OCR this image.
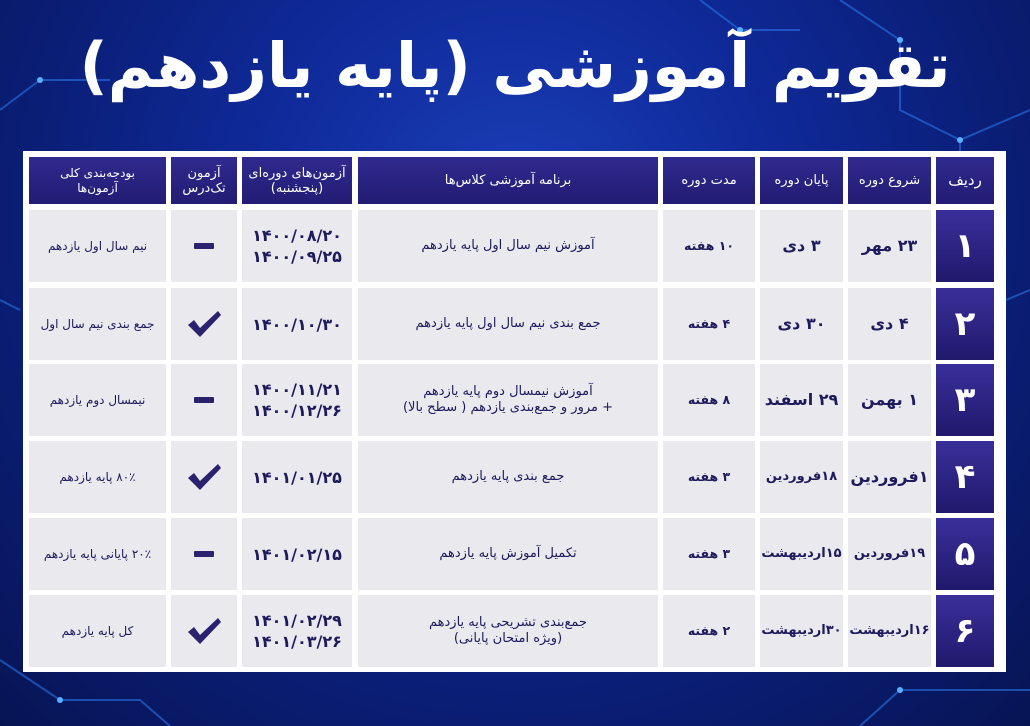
تقویم آموزشی (پایه یازدهم)
ردیف
شروع دوره
پایان دوره
مدت دوره
برنامه آموزشی کلاس‌ها
آزمون‌های دوره‌ای
(پنجشنبه)
آزمون
تک‌درس
بودجه‌بندی کلی
آزمون‌ها
۱
۲۳ مهر
۳ دی
۱۰ هفته
آموزش نیم سال اول پایه یازدهم
۱۴۰۰/۰۸/۲۰
۱۴۰۰/۰۹/۲۵
نیم سال اول یازدهم
۲
۴ دی
۳۰ دی
۴ هفته
جمع بندی نیم سال اول پایه یازدهم
۱۴۰۰/۱۰/۳۰
جمع بندی نیم سال اول
۳
۱ بهمن
۲۹ اسفند
۸ هفته
آموزش نیمسال دوم پایه یازدهم
+ مرور و جمع‌بندی یازدهم ( سطح بالا)
۱۴۰۰/۱۱/۲۱
۱۴۰۰/۱۲/۲۶
نیمسال دوم یازدهم
۴
۱فروردین
۱۸فروردین
۳ هفته
جمع بندی پایه یازدهم
۱۴۰۱/۰۱/۲۵
۸۰٪ پایه یازدهم
۵
۱۹فروردین
۱۵اردیبهشت
۳ هفته
تکمیل آموزش پایه یازدهم
۱۴۰۱/۰۲/۱۵
۲۰٪ پایانی پایه یازدهم
۶
۱۶اردیبهشت
۳۰اردیبهشت
۲ هفته
جمع‌بندی تشریحی پایه یازدهم
(ویژه امتحان پایانی)
۱۴۰۱/۰۲/۲۹
۱۴۰۱/۰۳/۲۶
کل پایه یازدهم
